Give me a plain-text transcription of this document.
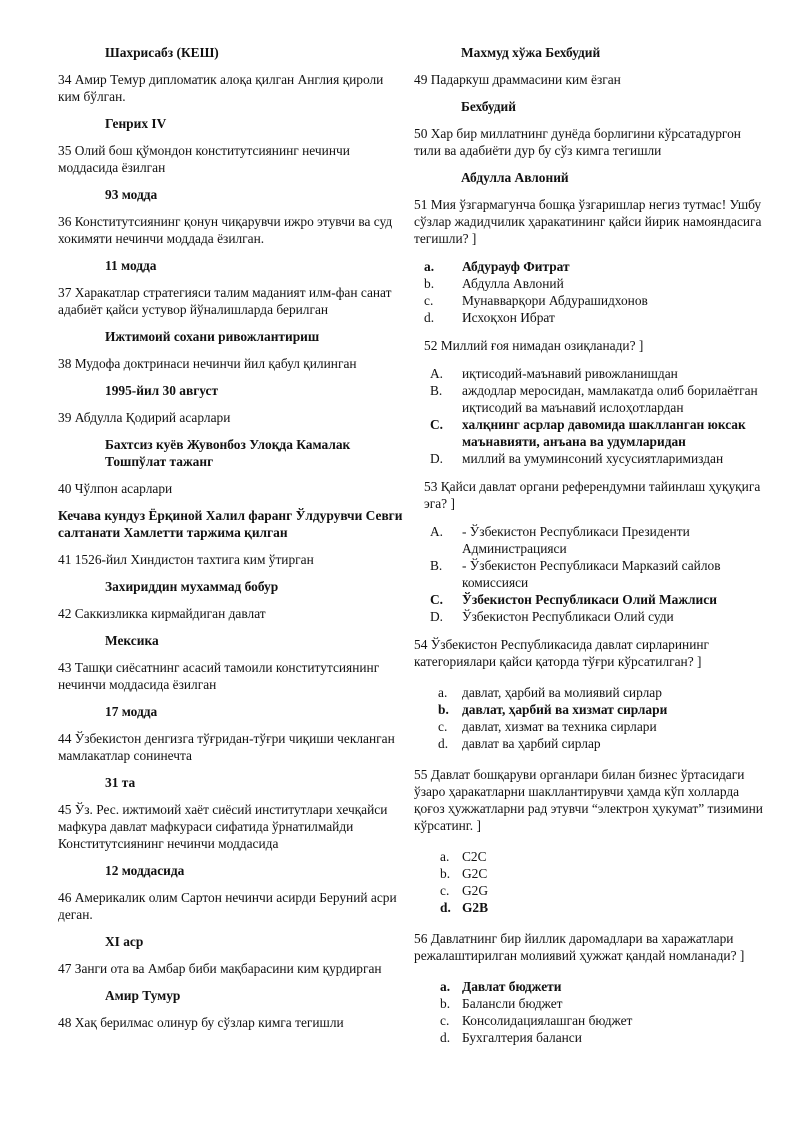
Шахрисабз (КЕШ)

34 Амир Темур дипломатик алоқа қилган Англия қироли ким бўлган.

Генрих IV

35 Олий бош қўмондон конститутсиянинг нечинчи моддасида ёзилган

93 модда

36 Конститутсиянинг қонун чиқарувчи ижро этувчи ва суд хокимяти нечинчи моддада ёзилган.

11 модда

37 Харакатлар стратегияси талим маданият илм-фан санат адабиёт қайси устувор йўналишларда берилган

Ижтимоий сохани ривожлантириш

38 Мудофа доктринаси нечинчи йил қабул қилинган

1995-йил 30 август

39 Абдулла Қодирий асарлари

Бахтсиз куёв Жувонбоз Улоқда Камалак Тошпўлат тажанг

40 Чўлпон асарлари

Кечава кундуз Ёрқиной Халил фаранг Ўлдурувчи Севги салтанати Хамлетти таржима қилган

41 1526-йил Хиндистон тахтига ким ўтирган

Захириддин мухаммад бобур

42 Саккизликка кирмайдиган давлат

Мексика

43 Ташқи сиёсатнинг асасий тамоили конститутсиянинг нечинчи моддасида ёзилган

17 модда

44 Ўзбекистон денгизга тўғридан-тўғри чиқиши чекланган мамлакатлар сонинечта

31 та

45 Ўз. Рес. ижтимоий хаёт сиёсий институтлари хечқайси мафкура давлат мафкураси сифатида ўрнатилмайди Конститутсиянинг нечинчи моддасида

12 моддасида

46 Америкалик олим Сартон нечинчи асирди Беруний асри деган.

XI аср

47 Занги ота ва Амбар биби мақбарасини ким қурдирган

Амир Тумур

48 Хақ берилмас олинур бу сўзлар кимга тегишли

Махмуд хўжа Бехбудий

49 Падаркуш драммасини ким ёзган

Бехбудий

50 Хар бир миллатнинг дунёда борлигини кўрсатадургон тили ва адабиёти дур бу сўз кимга тегишли

Абдулла Авлоний

51 Мия ўзгармагунча бошқа ўзгаришлар негиз тутмас! Ушбу сўзлар жадидчилик ҳаракатининг қайси йирик намояндасига тегишли? ]

a. Абдурауф Фитрат
b. Абдулла Авлоний
c. Мунавварқори Абдурашидхонов
d. Исхоқхон Ибрат

52 Миллий ғоя нимадан озиқланади? ]

A. иқтисодий-маънавий ривожланишдан
B. аждодлар меросидан, мамлакатда олиб борилаётган иқтисодий ва маънавий ислоҳотлардан
C. халқнинг асрлар давомида шаклланган юксак маънавияти, анъана ва удумларидан
D. миллий ва умуминсоний хусусиятларимиздан

53 Қайси давлат органи референдумни тайинлаш ҳуқуқига эга? ]

A. - Ўзбекистон Республикаси Президенти Администрацияси
B. - Ўзбекистон Республикаси Марказий сайлов комиссияси
C. Ўзбекистон Республикаси Олий Мажлиси
D. Ўзбекистон Республикаси Олий суди

54 Ўзбекистон Республикасида давлат сирларининг категориялари қайси қаторда тўғри кўрсатилган? ]

a. давлат, ҳарбий ва молиявий сирлар
b. давлат, ҳарбий ва хизмат сирлари
c. давлат, хизмат ва техника сирлари
d. давлат ва ҳарбий сирлар

55 Давлат бошқаруви органлари билан бизнес ўртасидаги ўзаро ҳаракатларни шакллантирувчи ҳамда кўп холларда қоғоз ҳужжатларни рад этувчи “электрон ҳукумат” тизимини кўрсатинг. ]

a. C2C
b. G2C
c. G2G
d. G2B

56 Давлатнинг бир йиллик даромадлари ва харажатлари режалаштирилган молиявий ҳужжат қандай номланади? ]

a. Давлат бюджети
b. Балансли бюджет
c. Консолидациялашган бюджет
d. Бухгалтерия баланси
